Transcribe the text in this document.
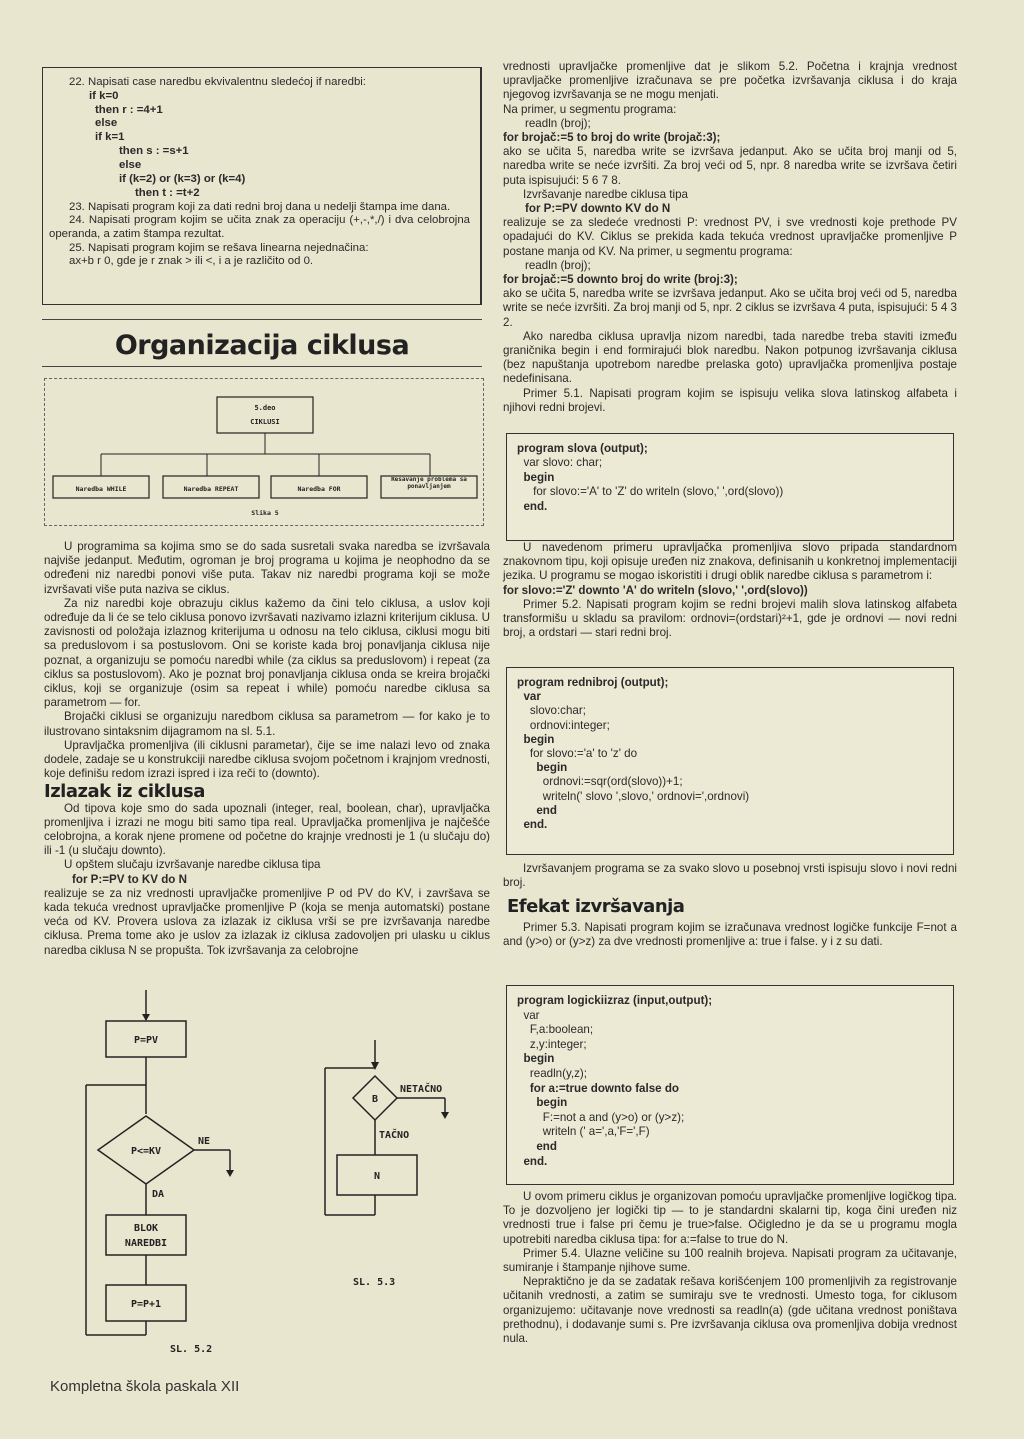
22. Napisati case naredbu ekvivalentnu sledećoj if naredbi:

if k=0
then r : =4+1
else
if k=1
then s : =s+1
else
if (k=2) or (k=3) or (k=4)
then t : =t+2

23. Napisati program koji za dati redni broj dana u nedelji štampa ime dana.

24. Napisati program kojim se učita znak za operaciju (+,-,*,/) i dva celobrojna operanda, a zatim štampa rezultat.

25. Napisati program kojim se rešava linearna nejednačina:

ax+b r 0, gde je r znak > ili <, i a je različito od 0.

Organizacija ciklusa
5.deo
CIKLUSI
Naredba WHILE	Naredba REPEAT	Naredba FOR
Rešavanje problema sa ponavljanjem
Slika 5

U programima sa kojima smo se do sada susretali svaka naredba se izvršavala najviše jedanput. Međutim, ogroman je broj programa u kojima je neophodno da se određeni niz naredbi ponovi više puta. Takav niz naredbi programa koji se može izvršavati više puta naziva se ciklus.

Za niz naredbi koje obrazuju ciklus kažemo da čini telo ciklusa, a uslov koji određuje da li će se telo ciklusa ponovo izvršavati nazivamo izlazni kriterijum ciklusa. U zavisnosti od položaja izlaznog kriterijuma u odnosu na telo ciklusa, ciklusi mogu biti sa preduslovom i sa postuslovom. Oni se koriste kada broj ponavljanja ciklusa nije poznat, a organizuju se pomoću naredbi while (za ciklus sa preduslovom) i repeat (za ciklus sa postuslovom). Ako je poznat broj ponavljanja ciklusa onda se kreira brojački ciklus, koji se organizuje (osim sa repeat i while) pomoću naredbe ciklusa sa parametrom — for.

Brojački ciklusi se organizuju naredbom ciklusa sa parametrom — for kako je to ilustrovano sintaksnim dijagramom na sl. 5.1.

Upravljačka promenljiva (ili ciklusni parametar), čije se ime nalazi levo od znaka dodele, zadaje se u konstrukciji naredbe ciklusa svojom početnom i krajnjom vrednosti, koje definišu redom izrazi ispred i iza reči to (downto).

Izlazak iz ciklusa

Od tipova koje smo do sada upoznali (integer, real, boolean, char), upravljačka promenljiva i izrazi ne mogu biti samo tipa real. Upravljačka promenljiva je najčešće celobrojna, a korak njene promene od početne do krajnje vrednosti je 1 (u slučaju do) ili -1 (u slučaju downto).

U opštem slučaju izvršavanje naredbe ciklusa tipa

for P:=PV to KV do N

realizuje se za niz vrednosti upravljačke promenljive P od PV do KV, i završava se kada tekuća vrednost upravljačke promenljive P (koja se menja automatski) postane veća od KV. Provera uslova za izlazak iz ciklusa vrši se pre izvršavanja naredbe ciklusa. Prema tome ako je uslov za izlazak iz ciklusa zadovoljen pri ulasku u ciklus naredba ciklusa N se propušta. Tok izvršavanja za celobrojne

P=PV
P<=KV
NE
DA
BLOK
NAREDBI
P=P+1
SL. 5.2
B
NETAČNO
TAČNO
N
SL. 5.3
Kompletna škola paskala XII

vrednosti upravljačke promenljive dat je slikom 5.2. Početna i krajnja vrednost upravljačke promenljive izračunava se pre početka izvršavanja ciklusa i do kraja njegovog izvršavanja se ne mogu menjati.

Na primer, u segmentu programa:

readln (broj);

for brojač:=5 to broj do write (brojač:3);

ako se učita 5, naredba write se izvršava jedanput. Ako se učita broj manji od 5, naredba write se neće izvršiti. Za broj veći od 5, npr. 8 naredba write se izvršava četiri puta ispisujući: 5 6 7 8.

Izvršavanje naredbe ciklusa tipa

for P:=PV downto KV do N

realizuje se za sledeće vrednosti P: vrednost PV, i sve vrednosti koje prethode PV opadajući do KV. Ciklus se prekida kada tekuća vrednost upravljačke promenljive P postane manja od KV. Na primer, u segmentu programa:

readln (broj);

for brojač:=5 downto broj do write (broj:3);

ako se učita 5, naredba write se izvršava jedanput. Ako se učita broj veći od 5, naredba write se neće izvršiti. Za broj manji od 5, npr. 2 ciklus se izvršava 4 puta, ispisujući: 5 4 3 2.

Ako naredba ciklusa upravlja nizom naredbi, tada naredbe treba staviti između graničnika begin i end formirajući blok naredbu. Nakon potpunog izvršavanja ciklusa (bez napuštanja upotrebom naredbe prelaska goto) upravljačka promenljiva postaje nedefinisana.

Primer 5.1. Napisati program kojim se ispisuju velika slova latinskog alfabeta i njihovi redni brojevi.

program slova (output);
var slovo: char;
begin
for slovo:='A' to 'Z' do writeln (slovo,' ',ord(slovo))
end.

U navedenom primeru upravljačka promenljiva slovo pripada standardnom znakovnom tipu, koji opisuje uređen niz znakova, definisanih u konkretnoj implementaciji jezika. U programu se mogao iskoristiti i drugi oblik naredbe ciklusa s parametrom i:

for slovo:='Z' downto 'A' do writeln (slovo,' ',ord(slovo))

Primer 5.2. Napisati program kojim se redni brojevi malih slova latinskog alfabeta transformišu u skladu sa pravilom: ordnovi=(ordstari)²+1, gde je ordnovi — novi redni broj, a ordstari — stari redni broj.

program rednibroj (output);
var
slovo:char;
ordnovi:integer;
begin
for slovo:='a' to 'z' do
begin
ordnovi:=sqr(ord(slovo))+1;
writeln(' slovo ',slovo,' ordnovi=',ordnovi)
end
end.

Izvršavanjem programa se za svako slovo u posebnoj vrsti ispisuju slovo i novi redni broj.

Efekat izvršavanja

Primer 5.3. Napisati program kojim se izračunava vrednost logičke funkcije F=not a and (y>o) or (y>z) za dve vrednosti promenljive a: true i false. y i z su dati.

program logickiizraz (input,output);
var
F,a:boolean;
z,y:integer;
begin
readln(y,z);
for a:=true downto false do
begin
F:=not a and (y>o) or (y>z);
writeln (' a=',a,'F=',F)
end
end.

U ovom primeru ciklus je organizovan pomoću upravljačke promenljive logičkog tipa. To je dozvoljeno jer logički tip — to je standardni skalarni tip, koga čini uređen niz vrednosti true i false pri čemu je true>false. Očigledno je da se u programu mogla upotrebiti naredba ciklusa tipa: for a:=false to true do N.

Primer 5.4. Ulazne veličine su 100 realnih brojeva. Napisati program za učitavanje, sumiranje i štampanje njihove sume.

Nepraktično je da se zadatak rešava korišćenjem 100 promenljivih za registrovanje učitanih vrednosti, a zatim se sumiraju sve te vrednosti. Umesto toga, for ciklusom organizujemo: učitavanje nove vrednosti sa readln(a) (gde učitana vrednost poništava prethodnu), i dodavanje sumi s. Pre izvršavanja ciklusa ova promenljiva dobija vrednost nula.
